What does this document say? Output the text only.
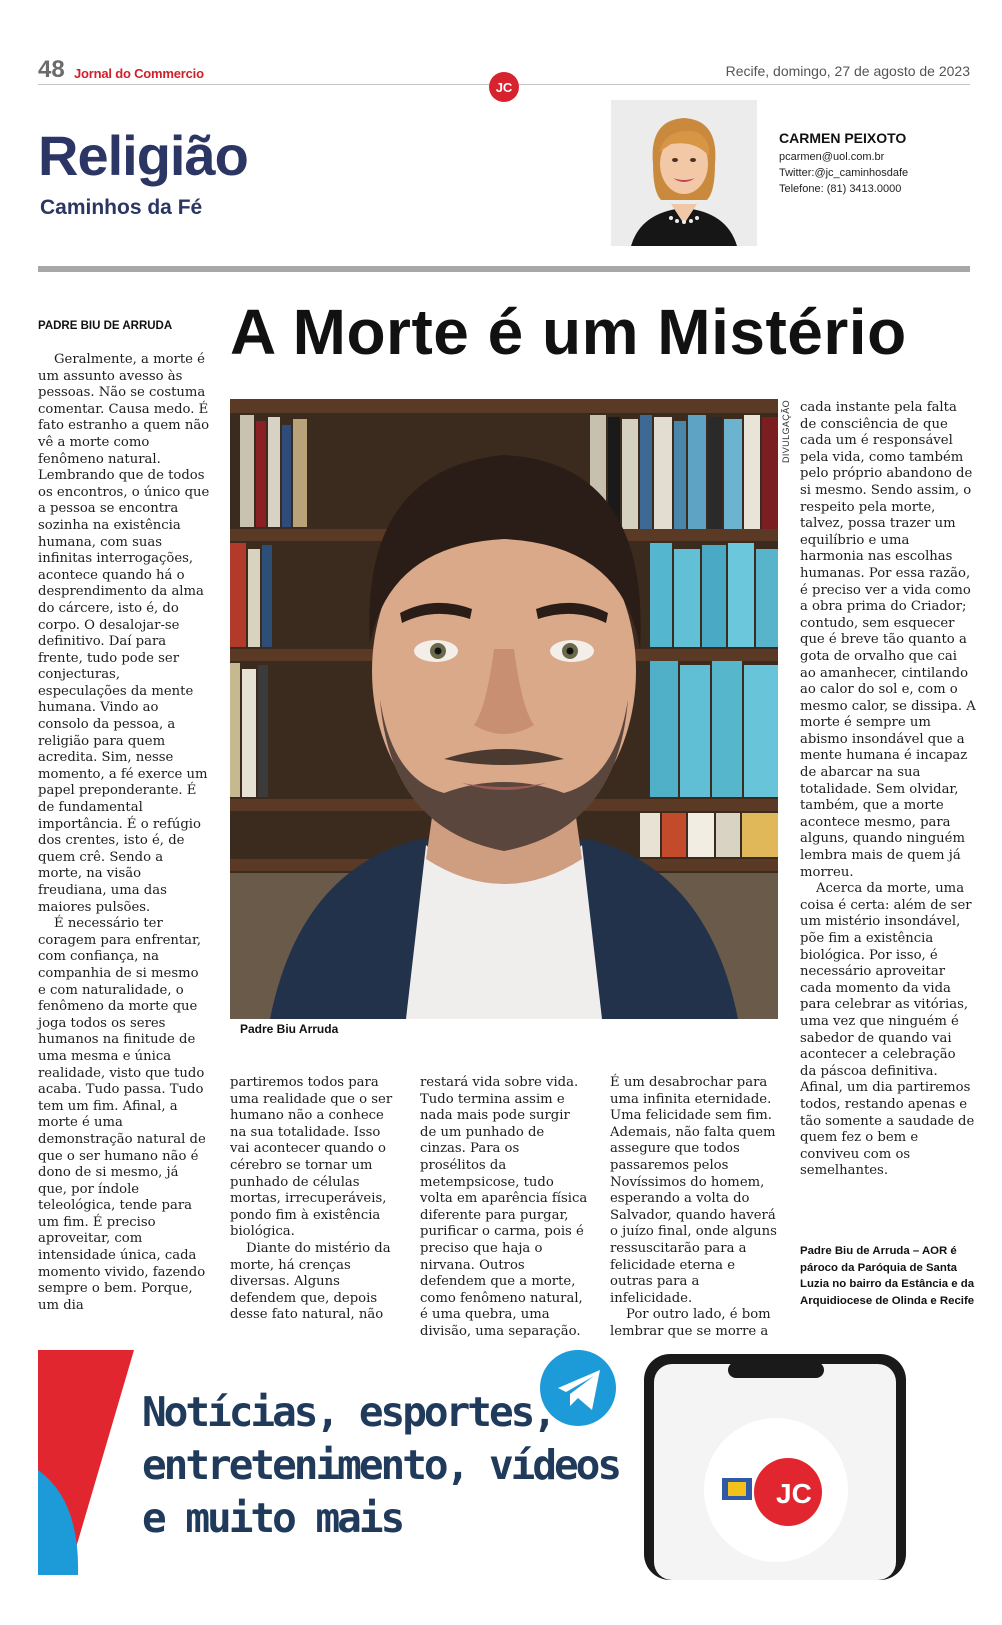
48 Jornal do Commercio	Recife, domingo, 27 de agosto de 2023
JC
Religião
Caminhos da Fé
CARMEN PEIXOTO
pcarmen@uol.com.br
Twitter:@jc_caminhosdafe
Telefone: (81) 3413.0000
PADRE BIU DE ARRUDA A Morte é um Mistério

Geralmente, a morte é um assunto avesso às pessoas. Não se costuma comentar. Causa medo. É fato estranho a quem não vê a morte como fenômeno natural. Lembrando que de todos os encontros, o único que a pessoa se encontra sozinha na existência humana, com suas infinitas interrogações, acontece quando há o desprendimento da alma do cárcere, isto é, do corpo. O desalojar-se definitivo. Daí para frente, tudo pode ser conjecturas, especulações da mente humana. Vindo ao consolo da pessoa, a religião para quem acredita. Sim, nesse momento, a fé exerce um papel preponderante. É de fundamental importância. É o refúgio dos crentes, isto é, de quem crê. Sendo a morte, na visão freudiana, uma das maiores pulsões.

É necessário ter coragem para enfrentar, com confiança, na companhia de si mesmo e com naturalidade, o fenômeno da morte que joga todos os seres humanos na finitude de uma mesma e única realidade, visto que tudo acaba. Tudo passa. Tudo tem um fim. Afinal, a morte é uma demonstração natural de que o ser humano não é dono de si mesmo, já que, por índole teleológica, tende para um fim. É preciso aproveitar, com intensidade única, cada momento vivido, fazendo sempre o bem. Porque, um dia

DIVULGAÇÃO
Padre Biu Arruda

partiremos todos para uma realidade que o ser humano não a conhece na sua totalidade. Isso vai acontecer quando o cérebro se tornar um punhado de células mortas, irrecuperáveis, pondo fim à existência biológica.

Diante do mistério da morte, há crenças diversas. Alguns defendem que, depois desse fato natural, não

restará vida sobre vida. Tudo termina assim e nada mais pode surgir de um punhado de cinzas. Para os prosélitos da metempsicose, tudo volta em aparência física diferente para purgar, purificar o carma, pois é preciso que haja o nirvana. Outros defendem que a morte, como fenômeno natural, é uma quebra, uma divisão, uma separação.

É um desabrochar para uma infinita eternidade. Uma felicidade sem fim. Ademais, não falta quem assegure que todos passaremos pelos Novíssimos do homem, esperando a volta do Salvador, quando haverá o juízo final, onde alguns ressuscitarão para a felicidade eterna e outras para a infelicidade.

Por outro lado, é bom lembrar que se morre a

cada instante pela falta de consciência de que cada um é responsável pela vida, como também pelo próprio abandono de si mesmo. Sendo assim, o respeito pela morte, talvez, possa trazer um equilíbrio e uma harmonia nas escolhas humanas. Por essa razão, é preciso ver a vida como a obra prima do Criador; contudo, sem esquecer que é breve tão quanto a gota de orvalho que cai ao amanhecer, cintilando ao calor do sol e, com o mesmo calor, se dissipa. A morte é sempre um abismo insondável que a mente humana é incapaz de abarcar na sua totalidade. Sem olvidar, também, que a morte acontece mesmo, para alguns, quando ninguém lembra mais de quem já morreu.

Acerca da morte, uma coisa é certa: além de ser um mistério insondável, põe fim a existência biológica. Por isso, é necessário aproveitar cada momento da vida para celebrar as vitórias, uma vez que ninguém é sabedor de quando vai acontecer a celebração da páscoa definitiva. Afinal, um dia partiremos todos, restando apenas e tão somente a saudade de quem fez o bem e conviveu com os semelhantes.

Padre Biu de Arruda – AOR é pároco da Paróquia de Santa Luzia no bairro da Estância e da Arquidiocese de Olinda e Recife
Notícias, esportes,
entretenimento, vídeos
e muito mais
JC
